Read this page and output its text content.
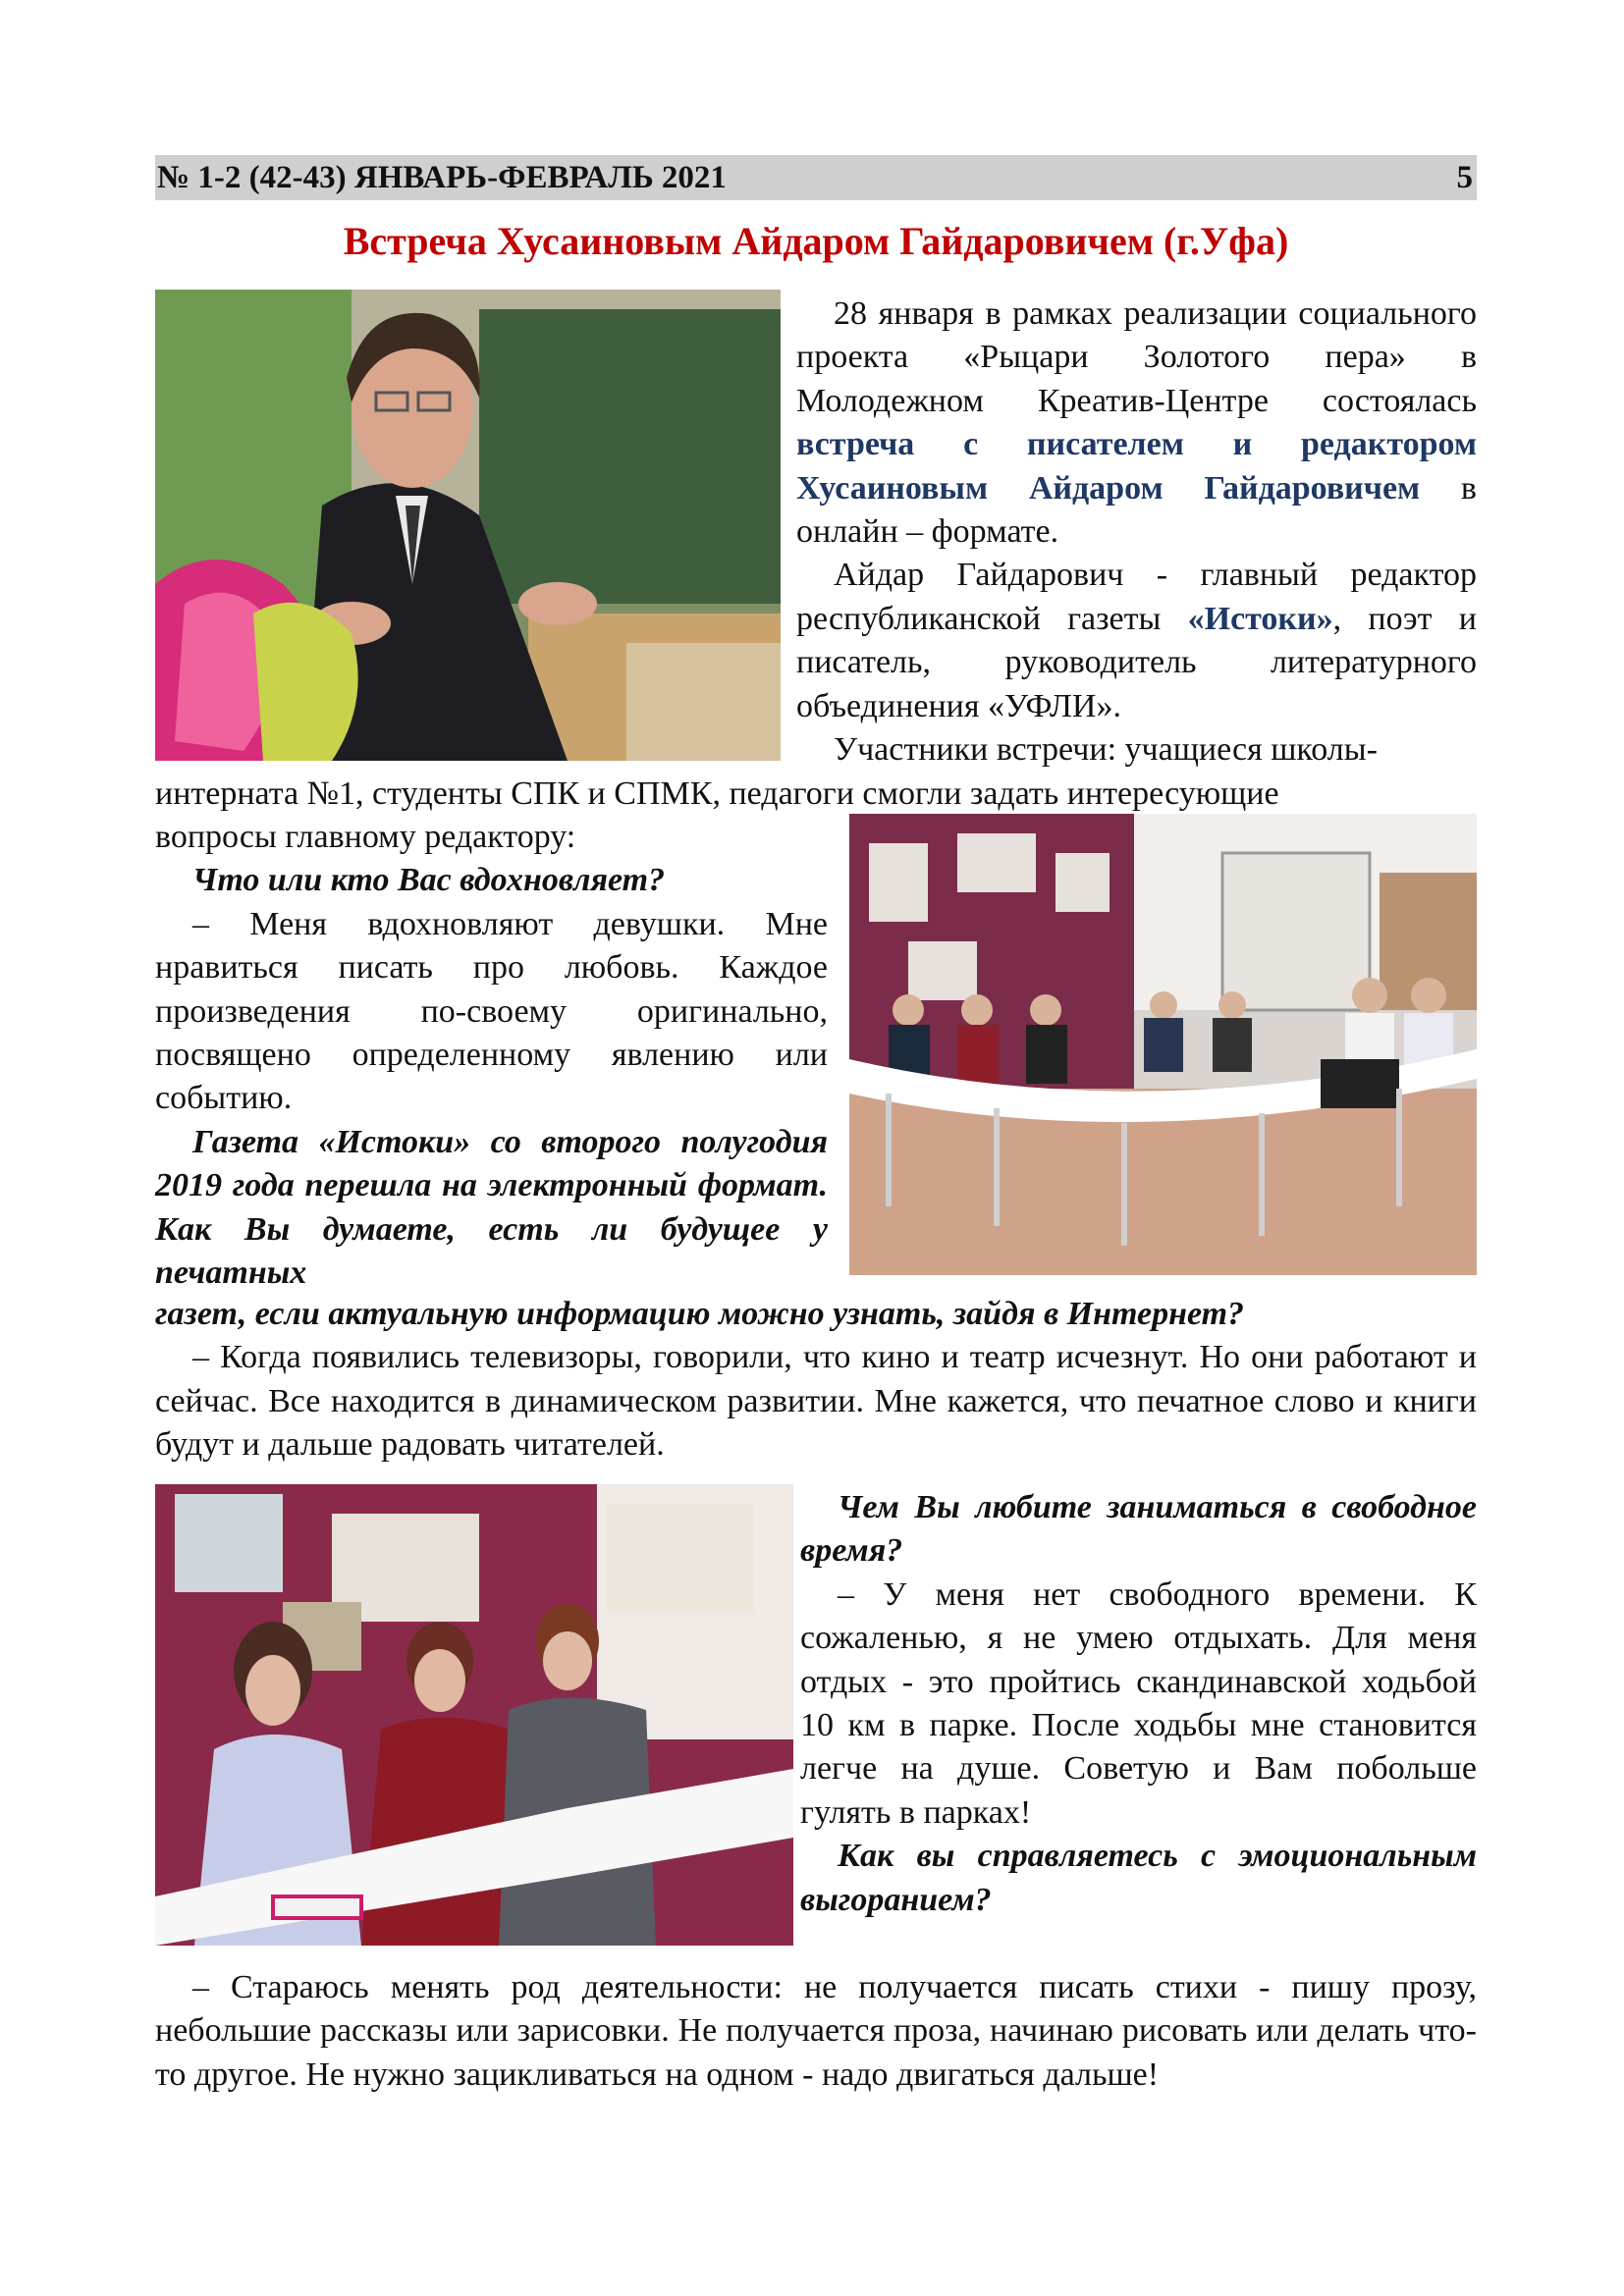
№ 1-2 (42-43) ЯНВАРЬ-ФЕВРАЛЬ 2021	5
Встреча Хусаиновым Айдаром Гайдаровичем (г.Уфа)

28 января в рамках реализации социального проекта «Рыцари Золотого пера» в Молодежном Креатив-Центре состоялась встреча с писателем и редактором Хусаиновым Айдаром Гайдаровичем в онлайн – формате.

Айдар Гайдарович - главный редактор республиканской газеты «Истоки», поэт и писатель, руководитель литературного объединения «УФЛИ».

Участники встречи: учащиеся школы-

интерната №1, студенты СПК и СПМК, педагоги смогли задать интересующие

вопросы главному редактору:

Что или кто Вас вдохновляет?

– Меня вдохновляют девушки. Мне нравиться писать про любовь. Каждое произведения по-своему оригинально, посвящено определенному явлению или событию.

Газета «Истоки» со второго полугодия 2019 года перешла на электронный формат. Как Вы думаете, есть ли будущее у печатных

газет, если актуальную информацию можно узнать, зайдя в Интернет?

– Когда появились телевизоры, говорили, что кино и театр исчезнут. Но они работают и сейчас. Все находится в динамическом развитии. Мне кажется, что печатное слово и книги будут и дальше радовать читателей.

Чем Вы любите заниматься в свободное время?

– У меня нет свободного времени. К сожаленью, я не умею отдыхать. Для меня отдых - это пройтись скандинавской ходьбой 10 км в парке. После ходьбы мне становится легче на душе. Советую и Вам побольше гулять в парках!

Как вы справляетесь с эмоциональным выгоранием?

– Стараюсь менять род деятельности: не получается писать стихи - пишу прозу, небольшие рассказы или зарисовки. Не получается проза, начинаю рисовать или делать что-то другое. Не нужно зацикливаться на одном - надо двигаться дальше!
